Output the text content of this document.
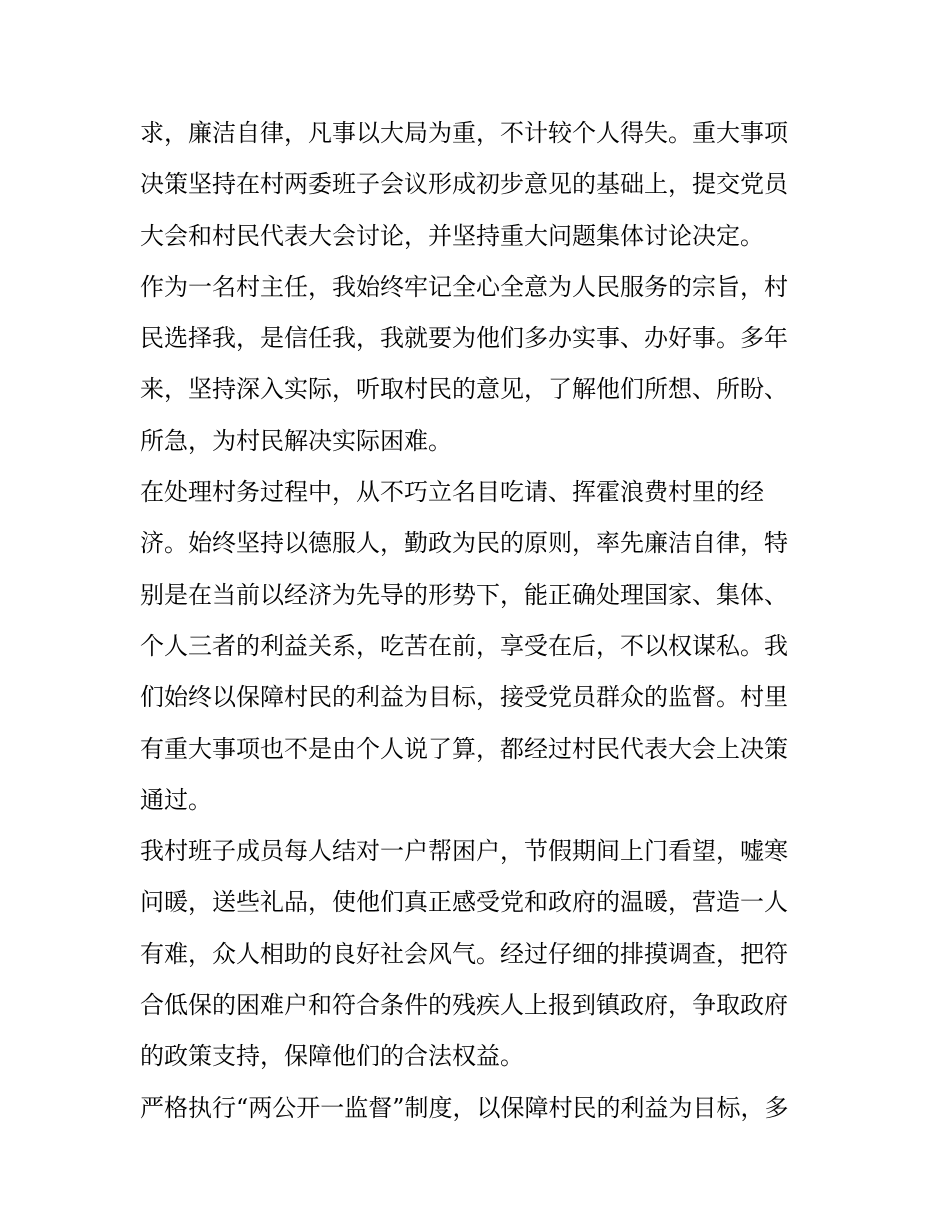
求，廉洁自律，凡事以大局为重，不计较个人得失。重大事项
决策坚持在村两委班子会议形成初步意见的基础上，提交党员
大会和村民代表大会讨论，并坚持重大问题集体讨论决定。
作为一名村主任，我始终牢记全心全意为人民服务的宗旨，村
民选择我，是信任我，我就要为他们多办实事、办好事。多年
来，坚持深入实际，听取村民的意见，了解他们所想、所盼、
所急，为村民解决实际困难。
在处理村务过程中，从不巧立名目吃请、挥霍浪费村里的经
济。始终坚持以德服人，勤政为民的原则，率先廉洁自律，特
别是在当前以经济为先导的形势下，能正确处理国家、集体、
个人三者的利益关系，吃苦在前，享受在后，不以权谋私。我
们始终以保障村民的利益为目标，接受党员群众的监督。村里
有重大事项也不是由个人说了算，都经过村民代表大会上决策
通过。
我村班子成员每人结对一户帮困户，节假期间上门看望，嘘寒
问暖，送些礼品，使他们真正感受党和政府的温暖，营造一人
有难，众人相助的良好社会风气。经过仔细的排摸调查，把符
合低保的困难户和符合条件的残疾人上报到镇政府，争取政府
的政策支持，保障他们的合法权益。
严格执行“两公开一监督”制度，以保障村民的利益为目标，多
